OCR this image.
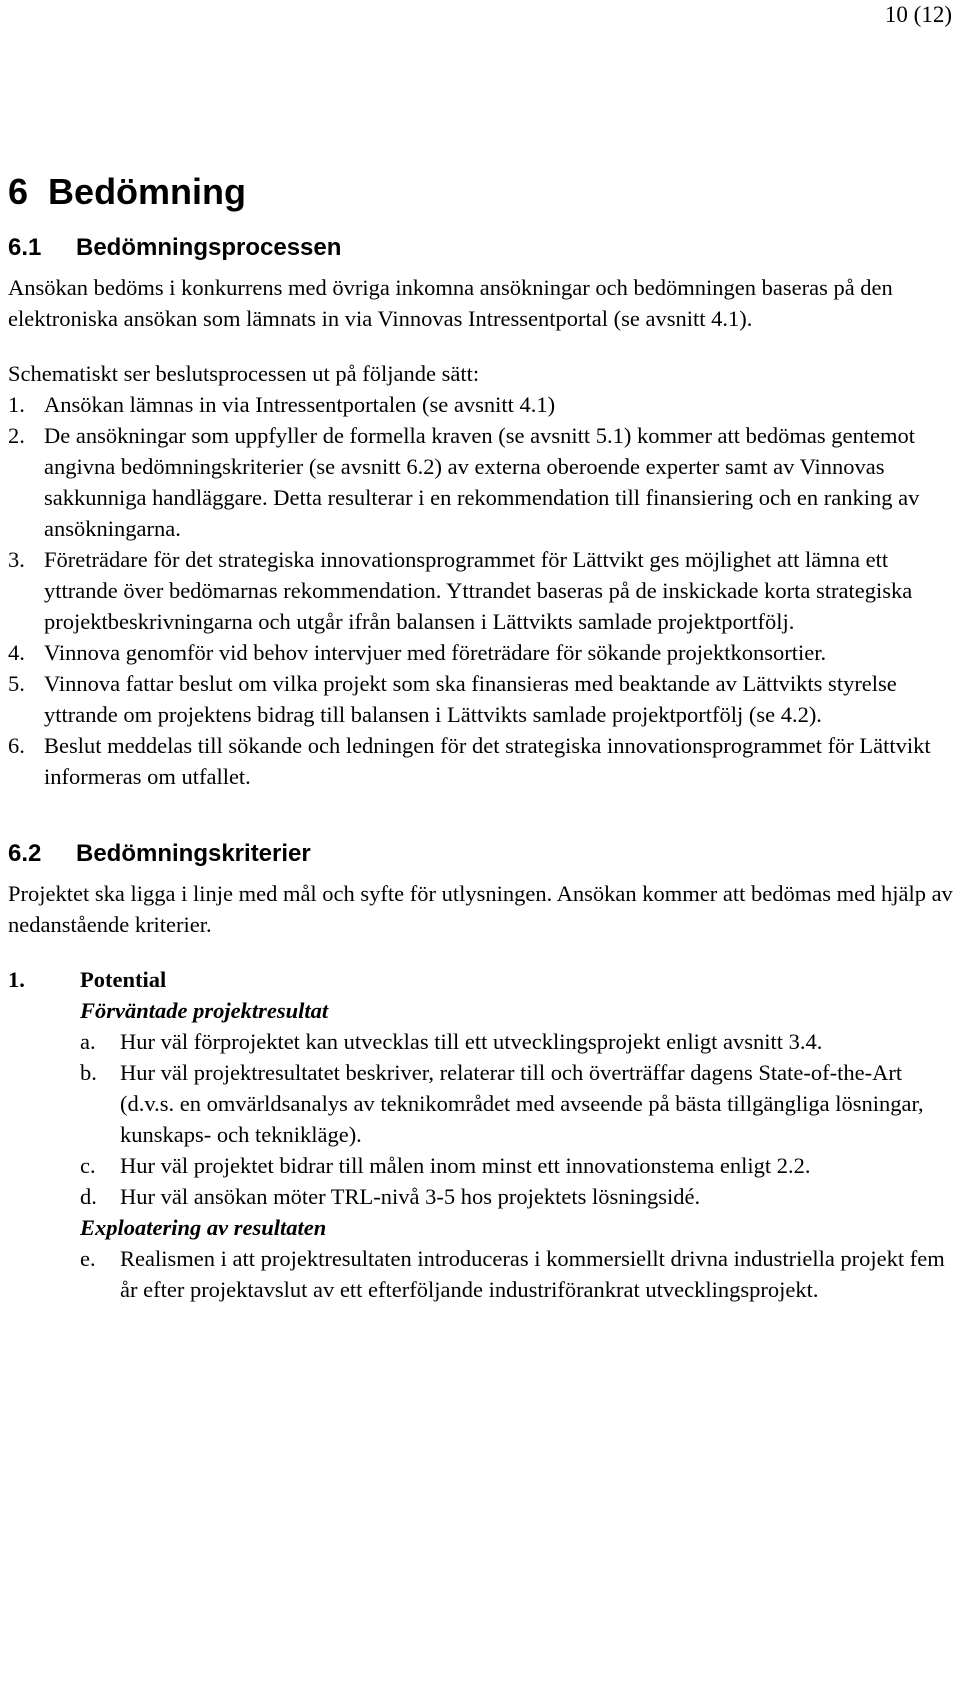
10 (12)
6 Bedömning
6.1 Bedömningsprocessen

Ansökan bedöms i konkurrens med övriga inkomna ansökningar och bedömningen baseras på den elektroniska ansökan som lämnats in via Vinnovas Intressentportal (se avsnitt 4.1).

Schematiskt ser beslutsprocessen ut på följande sätt:

1. Ansökan lämnas in via Intressentportalen (se avsnitt 4.1)
2. De ansökningar som uppfyller de formella kraven (se avsnitt 5.1) kommer att bedömas gentemot angivna bedömningskriterier (se avsnitt 6.2) av externa oberoende experter samt av Vinnovas sakkunniga handläggare. Detta resulterar i en rekommendation till finansiering och en ranking av ansökningarna.
3. Företrädare för det strategiska innovationsprogrammet för Lättvikt ges möjlighet att lämna ett yttrande över bedömarnas rekommendation. Yttrandet baseras på de inskickade korta strategiska projektbeskrivningarna och utgår ifrån balansen i Lättvikts samlade projektportfölj.
4. Vinnova genomför vid behov intervjuer med företrädare för sökande projektkonsortier.
5. Vinnova fattar beslut om vilka projekt som ska finansieras med beaktande av Lättvikts styrelse yttrande om projektens bidrag till balansen i Lättvikts samlade projektportfölj (se 4.2).
6. Beslut meddelas till sökande och ledningen för det strategiska innovationsprogrammet för Lättvikt informeras om utfallet.
6.2 Bedömningskriterier

Projektet ska ligga i linje med mål och syfte för utlysningen. Ansökan kommer att bedömas med hjälp av nedanstående kriterier.

1. Potential

Förväntade projektresultat

a. Hur väl förprojektet kan utvecklas till ett utvecklingsprojekt enligt avsnitt 3.4.
b. Hur väl projektresultatet beskriver, relaterar till och överträffar dagens State-of-the-Art (d.v.s. en omvärldsanalys av teknikområdet med avseende på bästa tillgängliga lösningar, kunskaps- och teknikläge).
c. Hur väl projektet bidrar till målen inom minst ett innovationstema enligt 2.2.
d. Hur väl ansökan möter TRL-nivå 3-5 hos projektets lösningsidé.

Exploatering av resultaten

e. Realismen i att projektresultaten introduceras i kommersiellt drivna industriella projekt fem år efter projektavslut av ett efterföljande industriförankrat utvecklingsprojekt.
